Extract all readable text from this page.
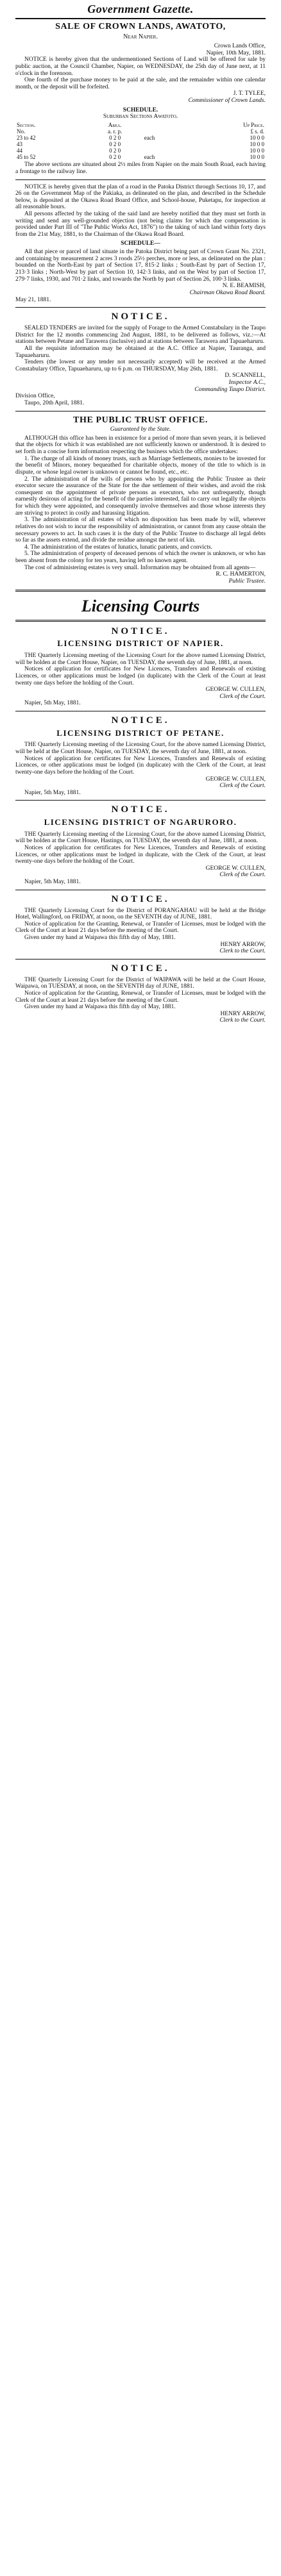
Government Gazette.
SALE OF CROWN LANDS, AWATOTO,
Near Napier.

Crown Lands Office,

Napier, 10th May, 1881.

NOTICE is hereby given that the undermentioned Sections of Land will be offered for sale by public auction, at the Council Chamber, Napier, on WEDNESDAY, the 25th day of June next, at 11 o'clock in the forenoon.

One fourth of the purchase money to be paid at the sale, and the remainder within one calendar month, or the deposit will be forfeited.

J. T. TYLEE,

Commissioner of Crown Lands.

SCHEDULE.
Suburban Sections Awatoto.
Section.	Area.		Up Price.
No.	a. r. p.		£ s. d.
23 to 42	0 2 0	each	10 0 0
43	0 2 0		10 0 0
44	0 2 0		10 0 0
45 to 52	0 2 0	each	10 0 0

The above sections are situated about 2½ miles from Napier on the main South Road, each having a frontage to the railway line.

NOTICE is hereby given that the plan of a road in the Patoka District through Sections 10, 17, and 26 on the Government Map of the Pakiaka, as delineated on the plan, and described in the Schedule below, is deposited at the Okawa Road Board Office, and School-house, Puketapu, for inspection at all reasonable hours.

All persons affected by the taking of the said land are hereby notified that they must set forth in writing and send any well-grounded objection (not being claims for which due compensation is provided under Part III of "The Public Works Act, 1876") to the taking of such land within forty days from the 21st May, 1881, to the Chairman of the Okawa Road Board.

SCHEDULE—

All that piece or parcel of land situate in the Patoka District being part of Crown Grant No. 2321, and containing by measurement 2 acres 3 roods 25½ perches, more or less, as delineated on the plan : bounded on the North-East by part of Section 17, 815·2 links ; South-East by part of Section 17, 213·3 links ; North-West by part of Section 10, 142·3 links, and on the West by part of Section 17, 279·7 links, 1930, and 701·2 links, and towards the North by part of Section 26, 100·3 links.

N. E. BEAMISH,

Chairman Okawa Road Board.

May 21, 1881.

NOTICE.

SEALED TENDERS are invited for the supply of Forage to the Armed Constabulary in the Taupo District for the 12 months commencing 2nd August, 1881, to be delivered as follows, viz.:—At stations between Petane and Tarawera (inclusive) and at stations between Tarawera and Tapuaeharuru.

All the requisite information may be obtained at the A.C. Office at Napier, Tauranga, and Tapuaeharuru.

Tenders (the lowest or any tender not necessarily accepted) will be received at the Armed Constabulary Office, Tapuaeharuru, up to 6 p.m. on THURSDAY, May 26th, 1881.

D. SCANNELL,

Inspector A.C.,

Commanding Taupo District.

Division Office,

Taupo, 20th April, 1881.

THE PUBLIC TRUST OFFICE.
Guaranteed by the State.

ALTHOUGH this office has been in existence for a period of more than seven years, it is believed that the objects for which it was established are not sufficiently known or understood. It is desired to set forth in a concise form information respecting the business which the office undertakes:

1. The charge of all kinds of money trusts, such as Marriage Settlements, monies to be invested for the benefit of Minors, money bequeathed for charitable objects, money of the title to which is in dispute, or whose legal owner is unknown or cannot be found, etc., etc.

2. The administration of the wills of persons who by appointing the Public Trustee as their executor secure the assurance of the State for the due settlement of their wishes, and avoid the risk consequent on the appointment of private persons as executors, who not unfrequently, though earnestly desirous of acting for the benefit of the parties interested, fail to carry out legally the objects for which they were appointed, and consequently involve themselves and those whose interests they are striving to protect in costly and harassing litigation.

3. The administration of all estates of which no disposition has been made by will, wherever relatives do not wish to incur the responsibility of administration, or cannot from any cause obtain the necessary powers to act. In such cases it is the duty of the Public Trustee to discharge all legal debts so far as the assets extend, and divide the residue amongst the next of kin.

4. The administration of the estates of lunatics, lunatic patients, and convicts.

5. The administration of property of deceased persons of which the owner is unknown, or who has been absent from the colony for ten years, having left no known agent.

The cost of administering estates is very small. Information may be obtained from all agents—

R. C. HAMERTON,

Public Trustee.

Licensing Courts
NOTICE.
LICENSING DISTRICT OF NAPIER.

THE Quarterly Licensing meeting of the Licensing Court for the above named Licensing District, will be holden at the Court House, Napier, on TUESDAY, the seventh day of June, 1881, at noon.

Notices of application for certificates for New Licences, Transfers and Renewals of existing Licences, or other applications must be lodged (in duplicate) with the Clerk of the Court at least twenty one days before the holding of the Court.

GEORGE W. CULLEN,

Clerk of the Court.

Napier, 5th May, 1881.

NOTICE.
LICENSING DISTRICT OF PETANE.

THE Quarterly Licensing meeting of the Licensing Court, for the above named Licensing District, will be held at the Court House, Napier, on TUESDAY, the seventh day of June, 1881, at noon.

Notices of application for certificates for New Licences, Transfers and Renewals of existing Licences, or other applications must be lodged (in duplicate) with the Clerk of the Court, at least twenty-one days before the holding of the Court.

GEORGE W. CULLEN,

Clerk of the Court.

Napier, 5th May, 1881.

NOTICE.
LICENSING DISTRICT OF NGARURORO.

THE Quarterly Licensing meeting of the Licensing Court, for the above named Licensing District, will be holden at the Court House, Hastings, on TUESDAY, the seventh day of June, 1881, at noon.

Notices of application for certificates for New Licences, Transfers and Renewals of existing Licences, or other applications must be lodged in duplicate, with the Clerk of the Court, at least twenty-one days before the holding of the Court.

GEORGE W. CULLEN,

Clerk of the Court.

Napier, 5th May, 1881.

NOTICE.

THE Quarterly Licensing Court for the District of PORANGAHAU will be held at the Bridge Hotel, Wallingford, on FRIDAY, at noon, on the SEVENTH day of JUNE, 1881.

Notice of application for the Granting, Renewal, or Transfer of Licenses, must be lodged with the Clerk of the Court at least 21 days before the meeting of the Court.

Given under my hand at Waipawa this fifth day of May, 1881.

HENRY ARROW,

Clerk to the Court.

NOTICE.

THE Quarterly Licensing Court for the District of WAIPAWA will be held at the Court House, Waipawa, on TUESDAY, at noon, on the SEVENTH day of JUNE, 1881.

Notice of application for the Granting, Renewal, or Transfer of Licenses, must be lodged with the Clerk of the Court at least 21 days before the meeting of the Court.

Given under my hand at Waipawa this fifth day of May, 1881.

HENRY ARROW,

Clerk to the Court.
